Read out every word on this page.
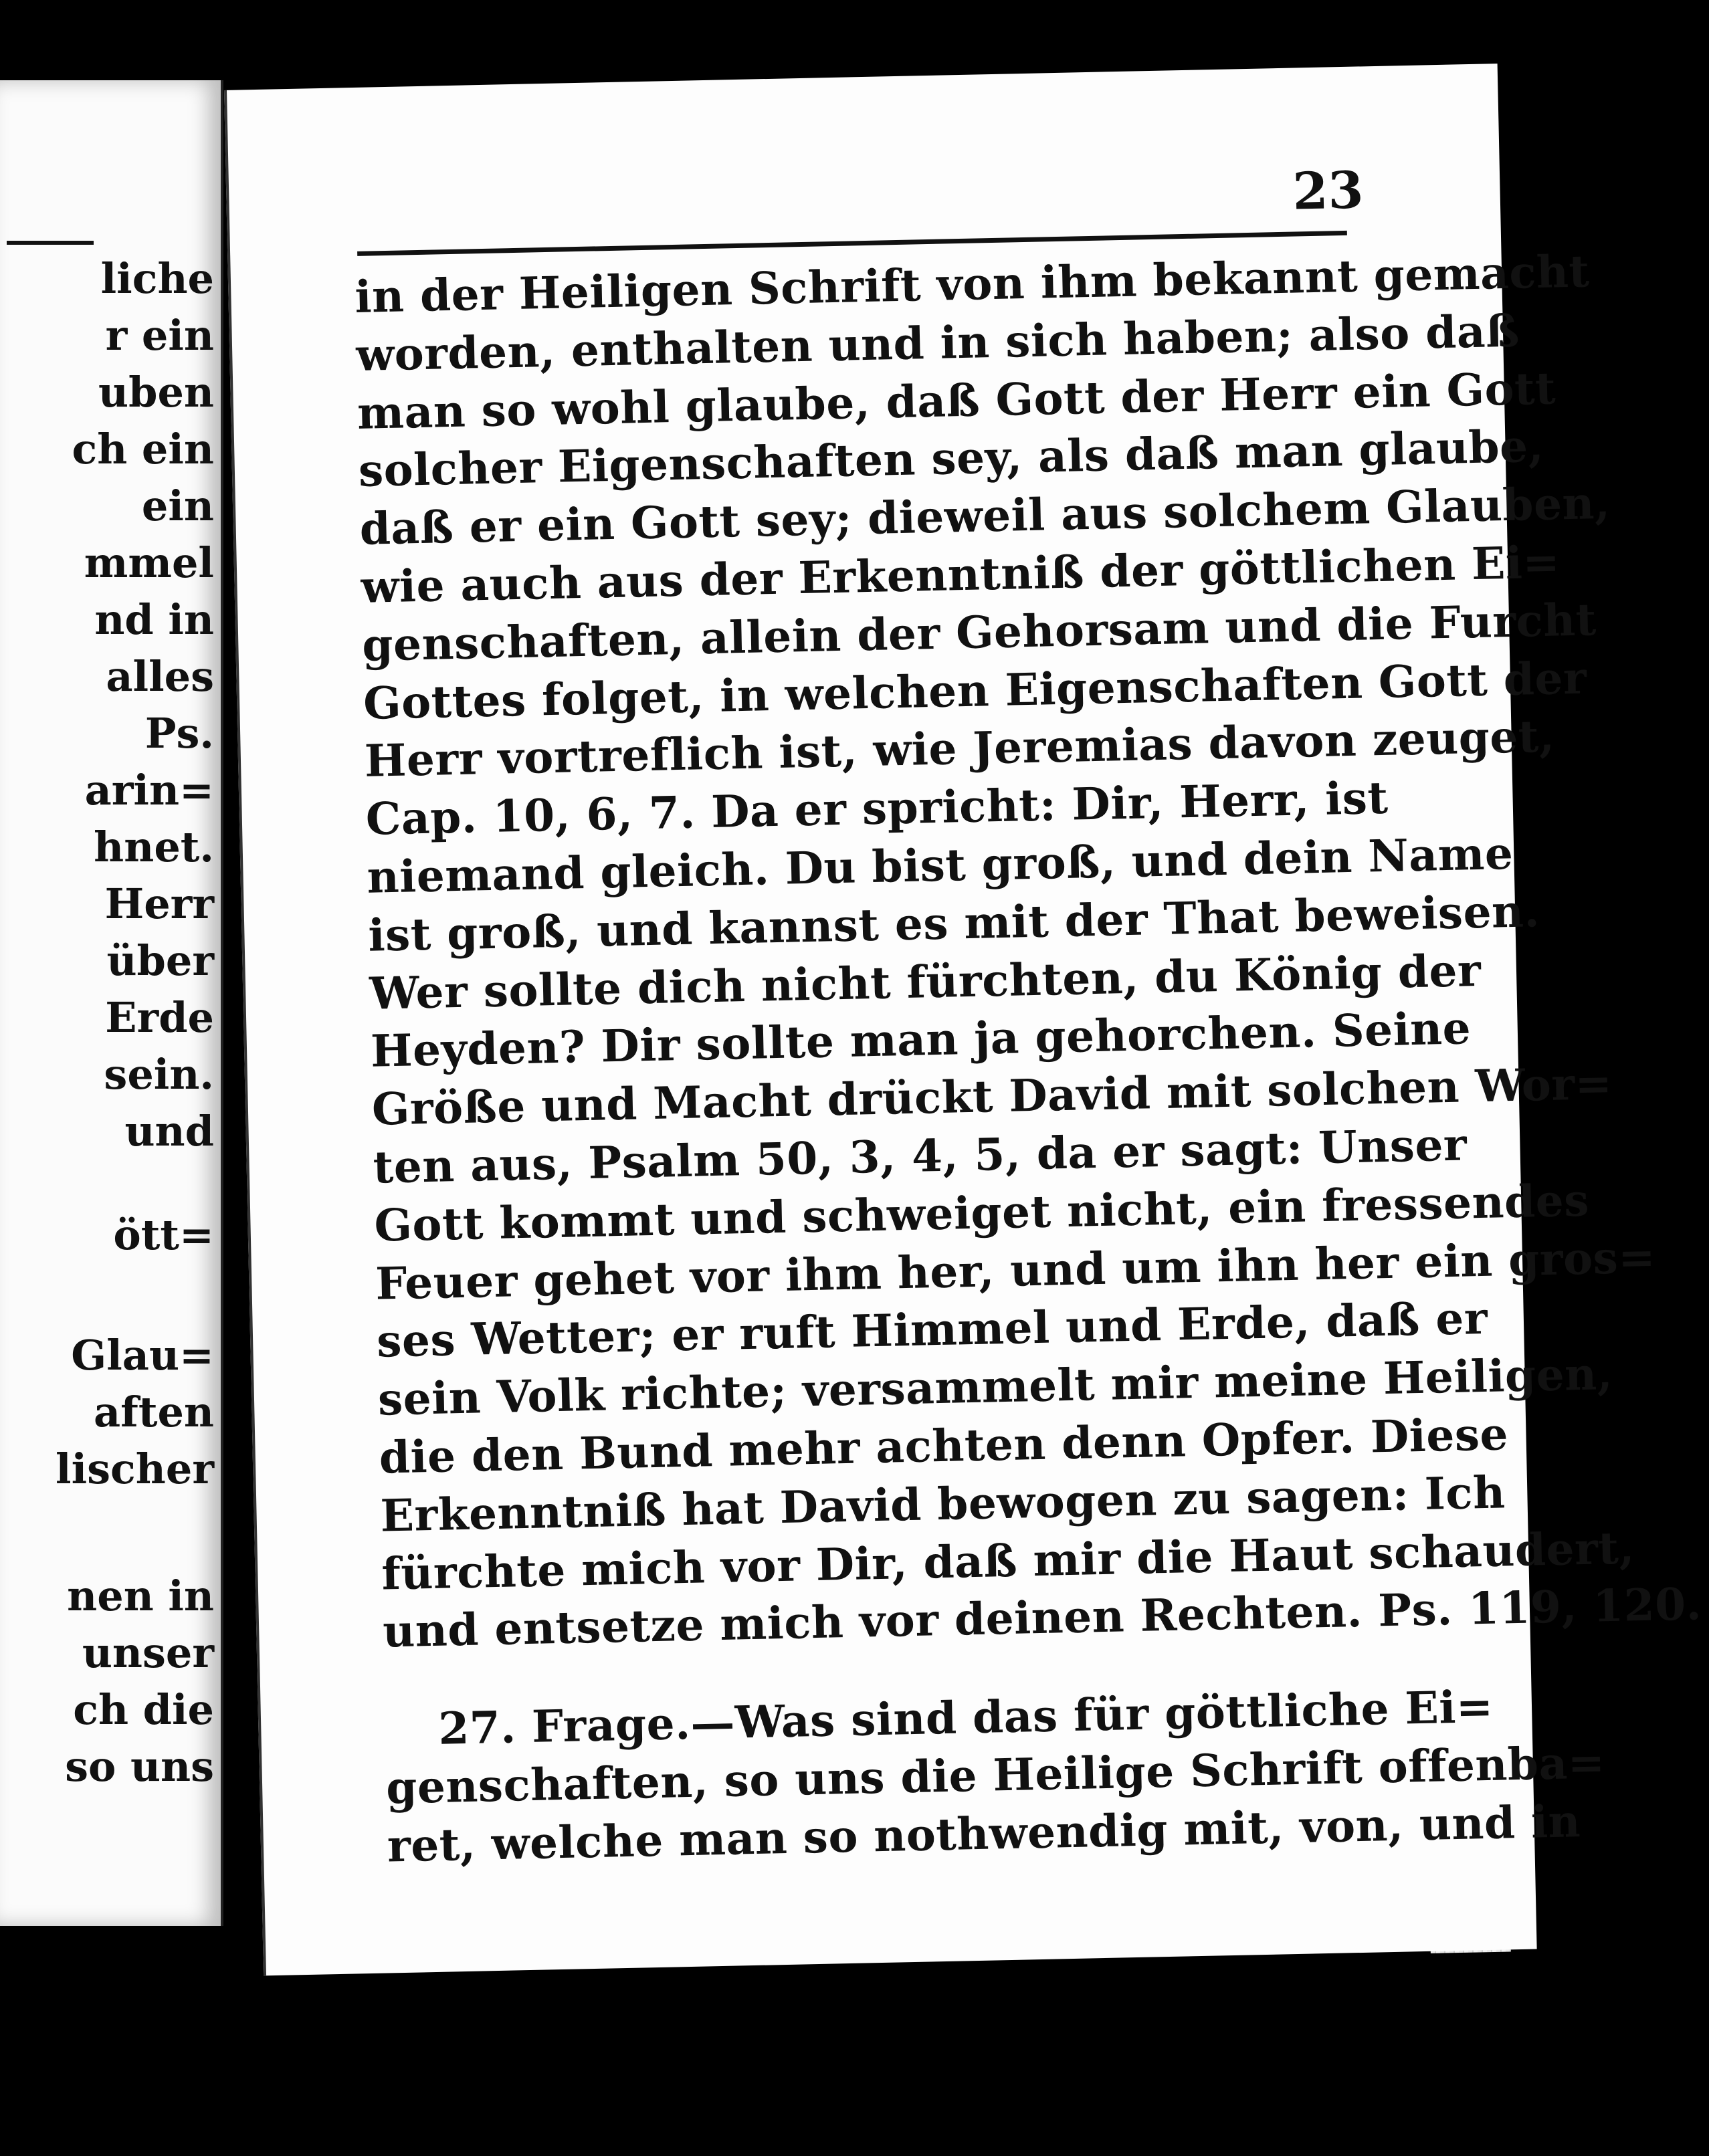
liche
r ein
uben
ch ein
ein
mmel
nd in
alles
Ps.
arin=
hnet.
Herr
über
Erde
sein.
und
ött=
Glau=
aften
lischer
nen in
unser
ch die
so uns
23
in der Heiligen Schrift von ihm bekannt gemacht
worden, enthalten und in sich haben; also daß
man so wohl glaube, daß Gott der Herr ein Gott
solcher Eigenschaften sey, als daß man glaube,
daß er ein Gott sey; dieweil aus solchem Glauben,
wie auch aus der Erkenntniß der göttlichen Ei=
genschaften, allein der Gehorsam und die Furcht
Gottes folget, in welchen Eigenschaften Gott der
Herr vortreflich ist, wie Jeremias davon zeuget,
Cap. 10, 6, 7. Da er spricht: Dir, Herr, ist
niemand gleich. Du bist groß, und dein Name
ist groß, und kannst es mit der That beweisen.
Wer sollte dich nicht fürchten, du König der
Heyden? Dir sollte man ja gehorchen. Seine
Größe und Macht drückt David mit solchen Wor=
ten aus, Psalm 50, 3, 4, 5, da er sagt: Unser
Gott kommt und schweiget nicht, ein fressendes
Feuer gehet vor ihm her, und um ihn her ein gros=
ses Wetter; er ruft Himmel und Erde, daß er
sein Volk richte; versammelt mir meine Heiligen,
die den Bund mehr achten denn Opfer. Diese
Erkenntniß hat David bewogen zu sagen: Ich
fürchte mich vor Dir, daß mir die Haut schaudert,
und entsetze mich vor deinen Rechten. Ps. 119, 120.
27. Frage.—Was sind das für göttliche Ei=
genschaften, so uns die Heilige Schrift offenba=
ret, welche man so nothwendig mit, von, und in
